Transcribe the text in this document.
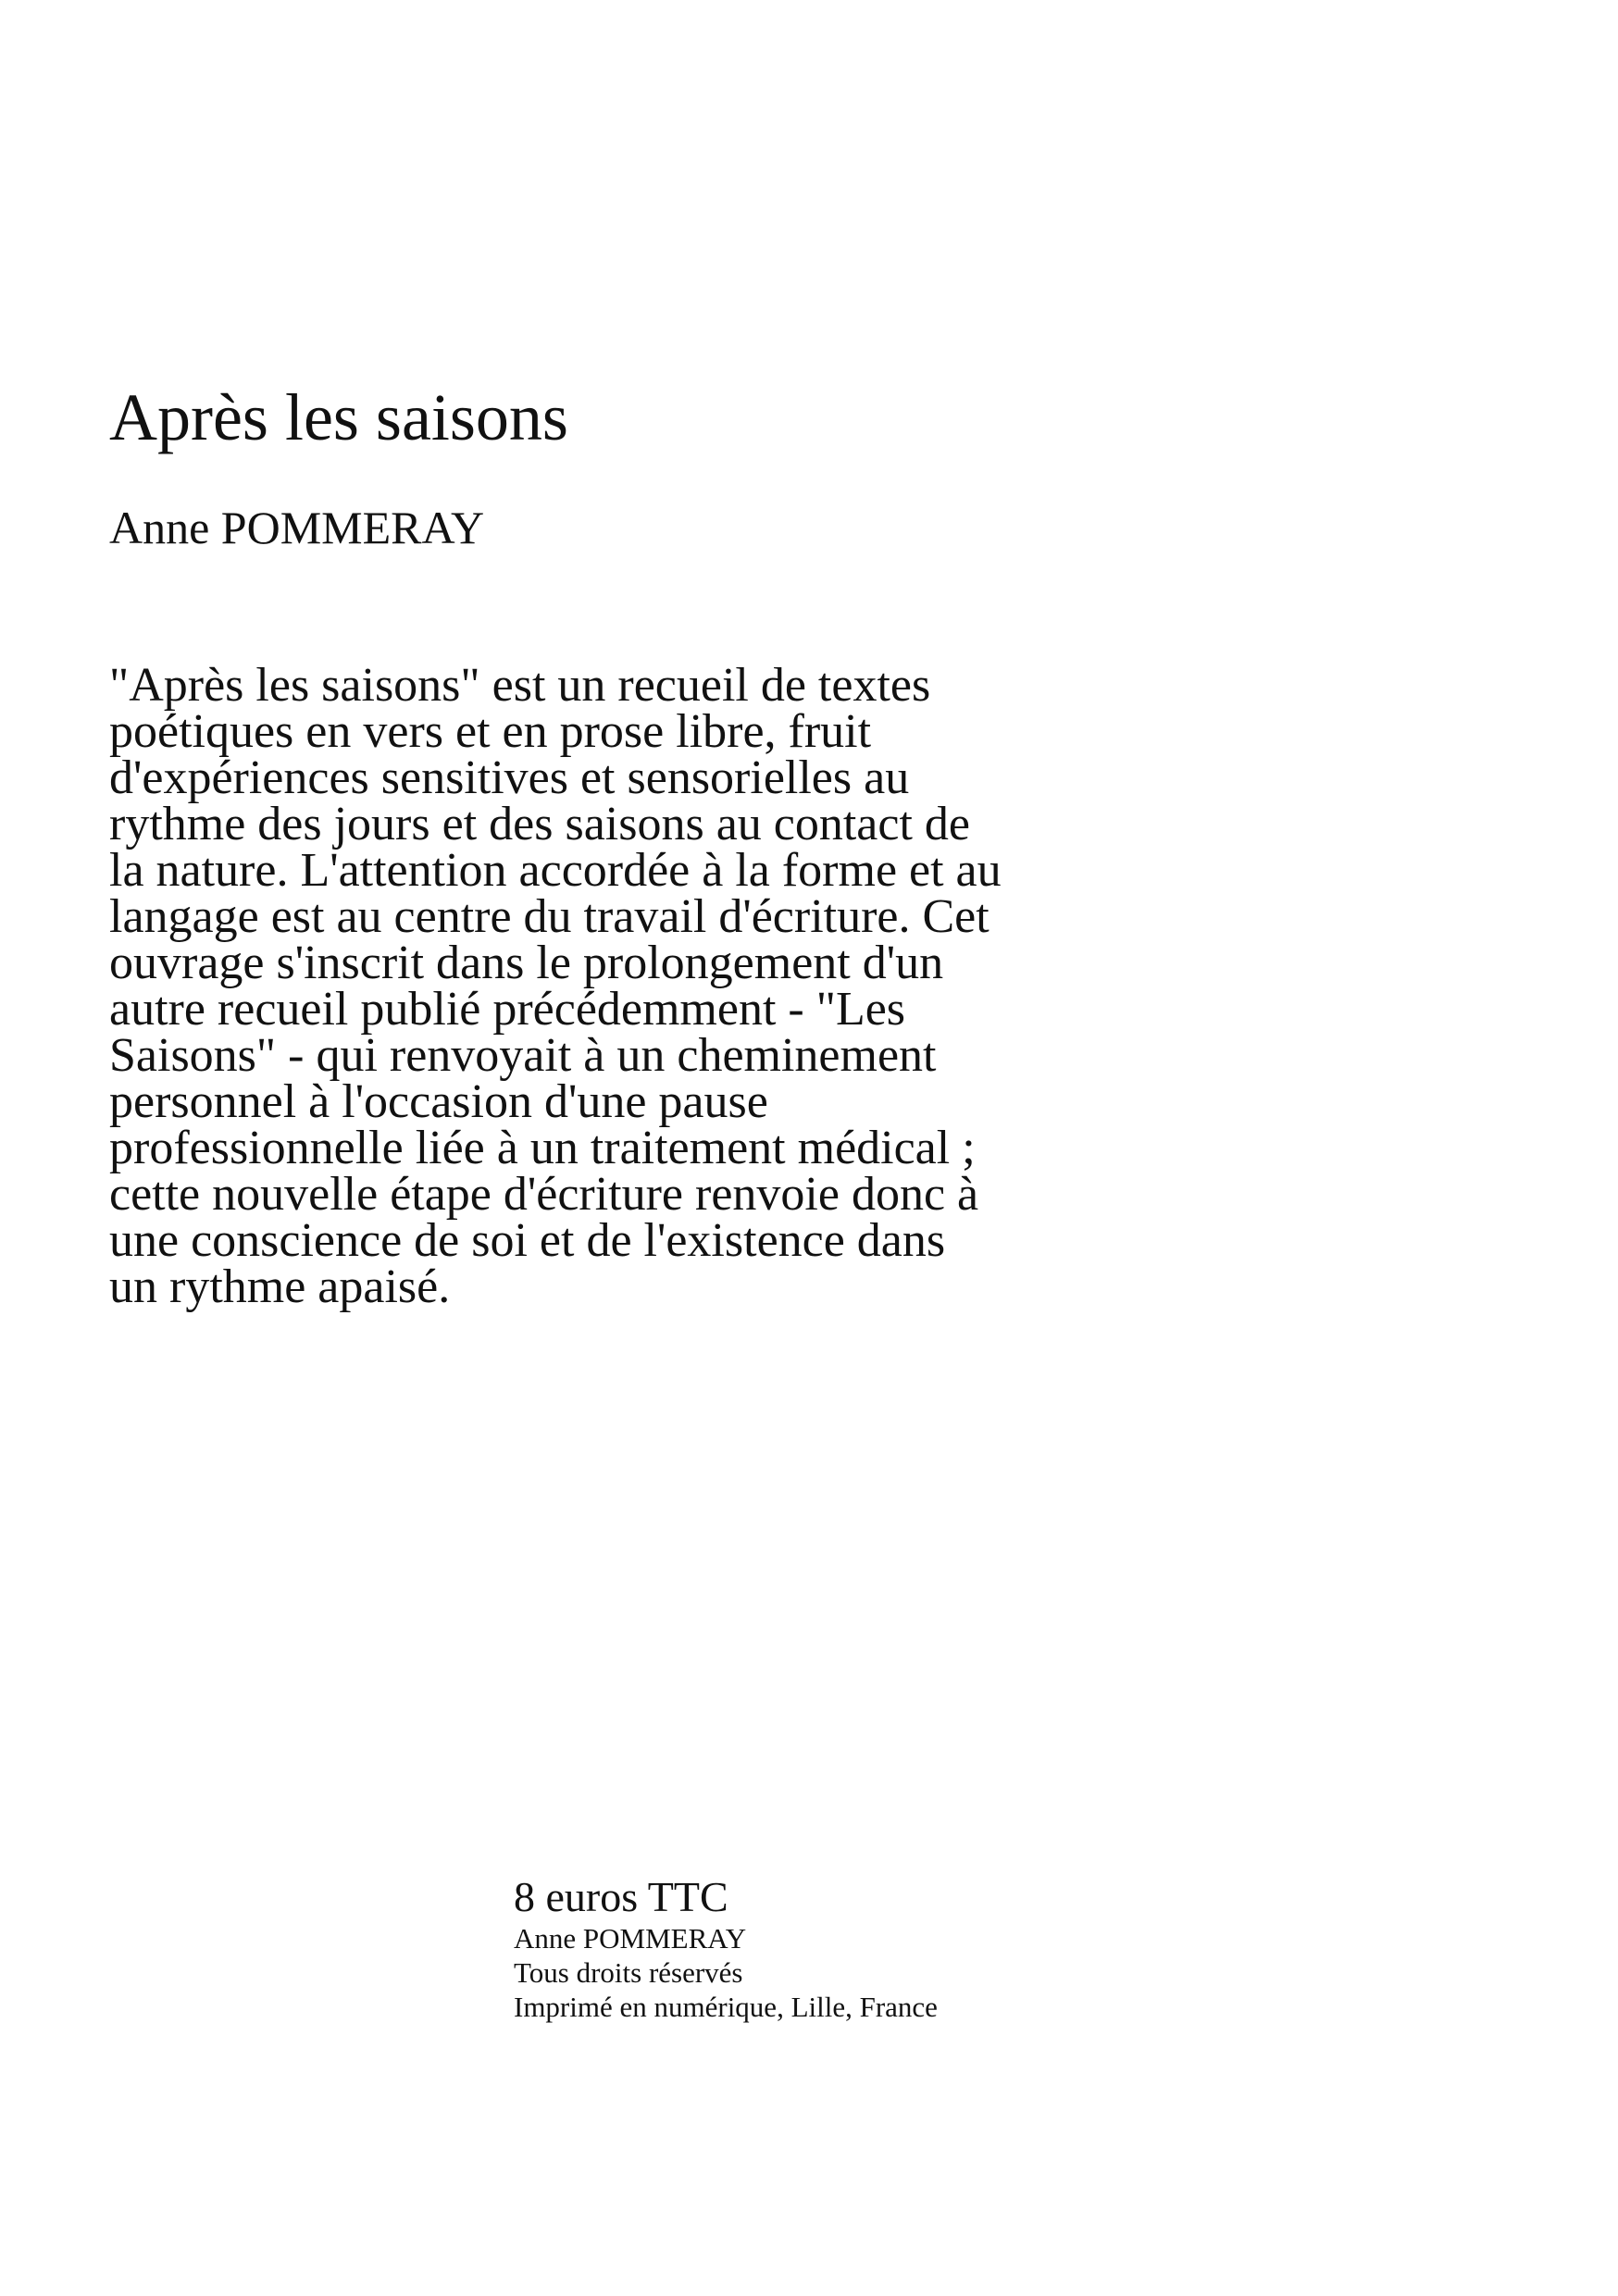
Après les saisons
Anne POMMERAY
"Après les saisons" est un recueil de textes
poétiques en vers et en prose libre, fruit
d'expériences sensitives et sensorielles au
rythme des jours et des saisons au contact de
la nature. L'attention accordée à la forme et au
langage est au centre du travail d'écriture. Cet
ouvrage s'inscrit dans le prolongement d'un
autre recueil publié précédemment - "Les
Saisons" - qui renvoyait à un cheminement
personnel à l'occasion d'une pause
professionnelle liée à un traitement médical ;
cette nouvelle étape d'écriture renvoie donc à
une conscience de soi et de l'existence dans
un rythme apaisé.
8 euros TTC
Anne POMMERAY
Tous droits réservés
Imprimé en numérique, Lille, France
